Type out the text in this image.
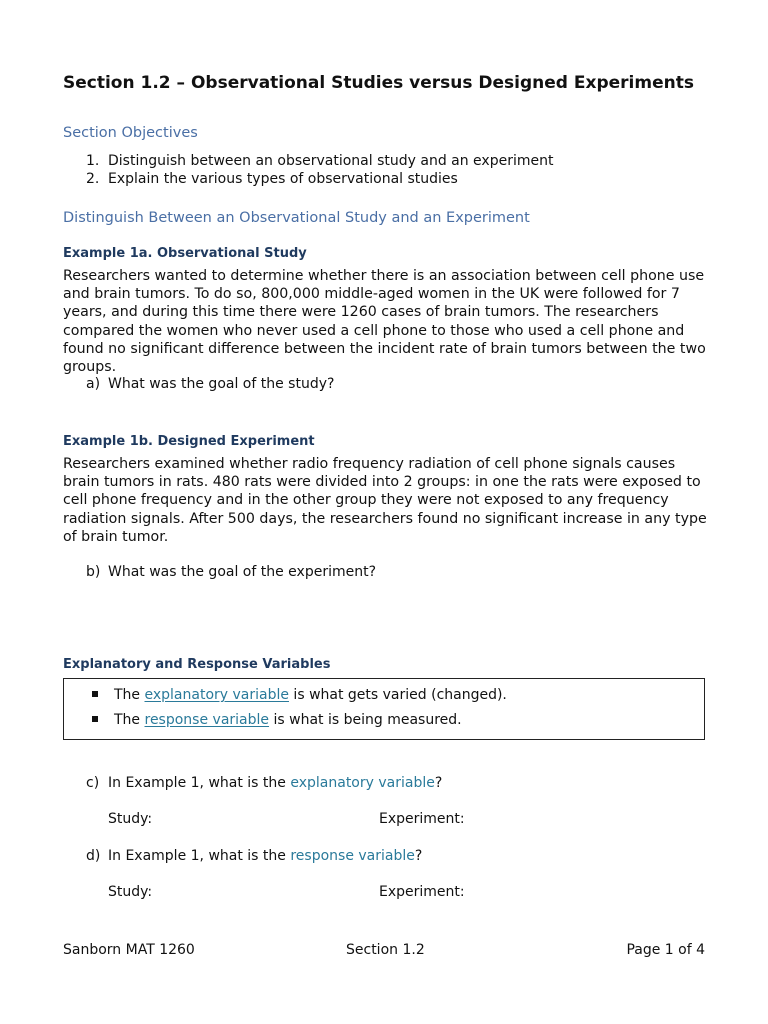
Section 1.2 – Observational Studies versus Designed Experiments
Section Objectives
1. Distinguish between an observational study and an experiment
2. Explain the various types of observational studies
Distinguish Between an Observational Study and an Experiment
Example 1a. Observational Study

Researchers wanted to determine whether there is an association between cell phone use and brain tumors. To do so, 800,000 middle-aged women in the UK were followed for 7 years, and during this time there were 1260 cases of brain tumors. The researchers compared the women who never used a cell phone to those who used a cell phone and found no significant difference between the incident rate of brain tumors between the two groups.

a) What was the goal of the study?
Example 1b. Designed Experiment

Researchers examined whether radio frequency radiation of cell phone signals causes brain tumors in rats. 480 rats were divided into 2 groups: in one the rats were exposed to cell phone frequency and in the other group they were not exposed to any frequency radiation signals. After 500 days, the researchers found no significant increase in any type of brain tumor.

b) What was the goal of the experiment?
Explanatory and Response Variables
The explanatory variable is what gets varied (changed).
The response variable is what is being measured.
c) In Example 1, what is the explanatory variable?
Study:	Experiment:
d) In Example 1, what is the response variable?
Study:	Experiment:
Sanborn MAT 1260	Section 1.2	Page 1 of 4
